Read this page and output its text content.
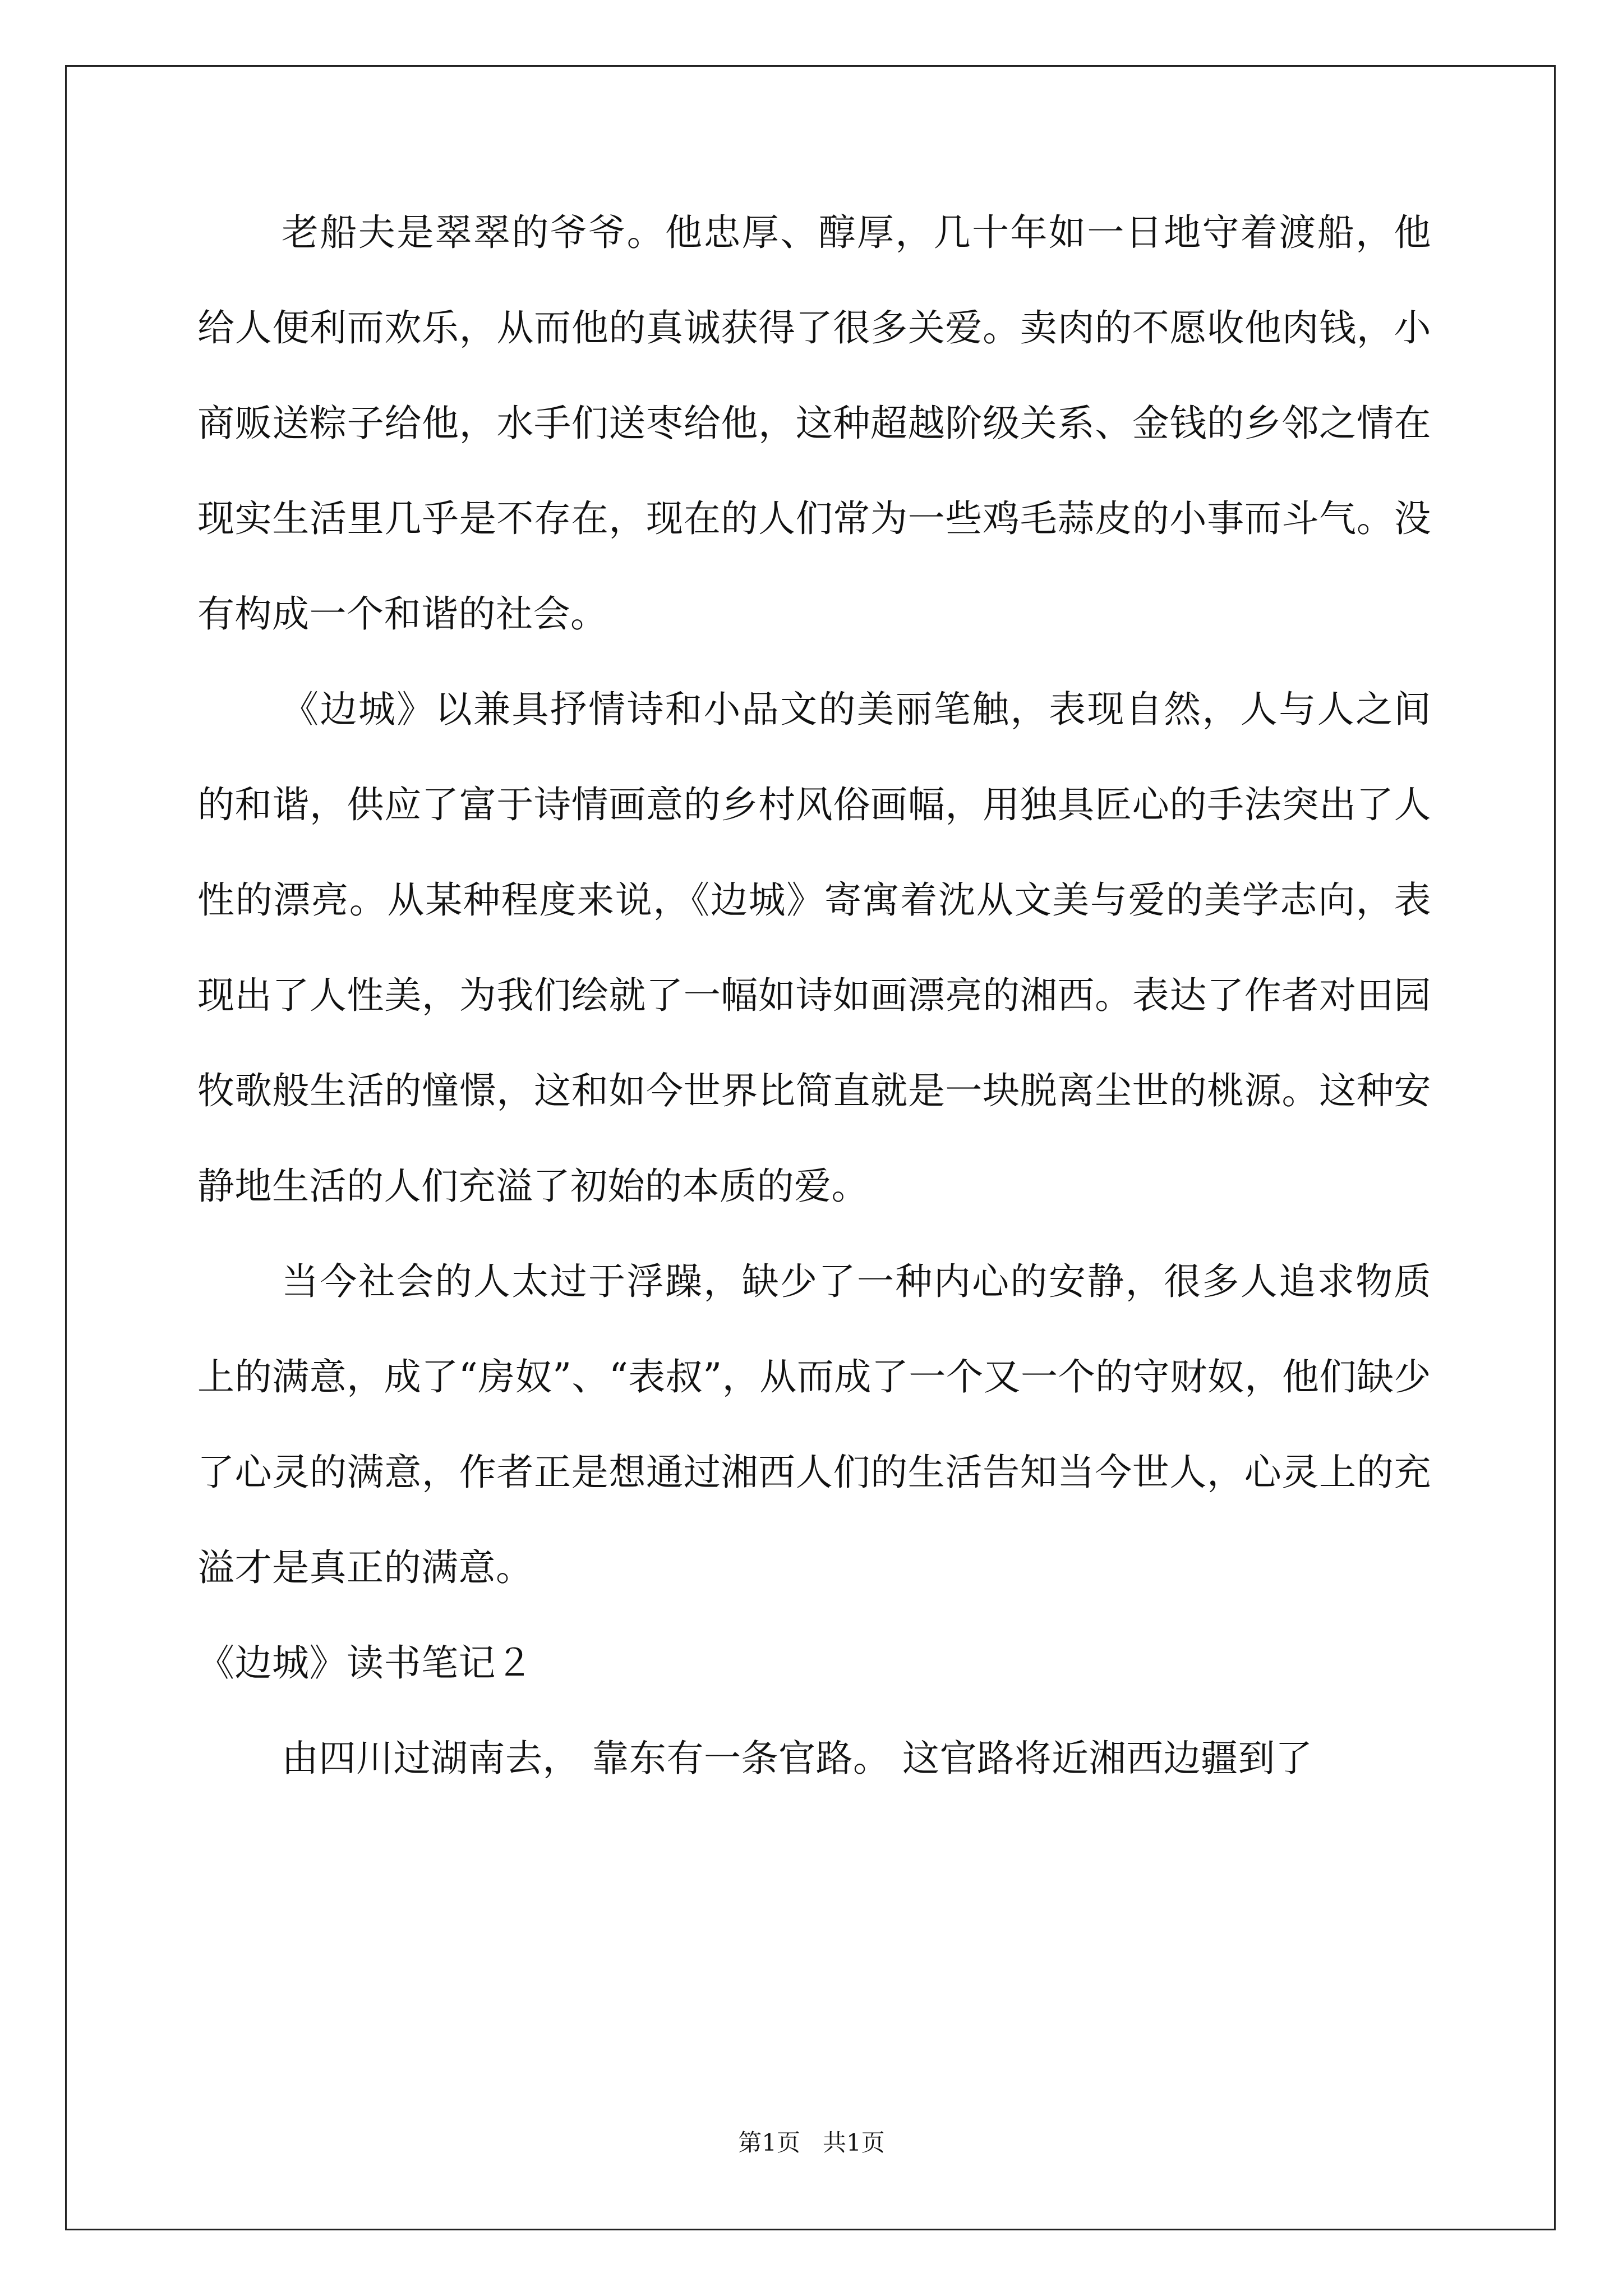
老船夫是翠翠的爷爷。他忠厚、醇厚，几十年如一日地守着渡船，他给人便利而欢乐，从而他的真诚获得了很多关爱。卖肉的不愿收他肉钱，小商贩送粽子给他，水手们送枣给他，这种超越阶级关系、金钱的乡邻之情在现实生活里几乎是不存在，现在的人们常为一些鸡毛蒜皮的小事而斗气。没有构成一个和谐的社会。

《边城》以兼具抒情诗和小品文的美丽笔触，表现自然，人与人之间的和谐，供应了富于诗情画意的乡村风俗画幅，用独具匠心的手法突出了人性的漂亮。从某种程度来说，《边城》寄寓着沈从文美与爱的美学志向，表现出了人性美，为我们绘就了一幅如诗如画漂亮的湘西。表达了作者对田园牧歌般生活的憧憬，这和如今世界比简直就是一块脱离尘世的桃源。这种安静地生活的人们充溢了初始的本质的爱。

当今社会的人太过于浮躁，缺少了一种内心的安静，很多人追求物质上的满意，成了“房奴”、“表叔”，从而成了一个又一个的守财奴，他们缺少了心灵的满意，作者正是想通过湘西人们的生活告知当今世人，心灵上的充溢才是真正的满意。

《边城》读书笔记２

由四川过湖南去， 靠东有一条官路。 这官路将近湘西边疆到了

第1页   共1页
